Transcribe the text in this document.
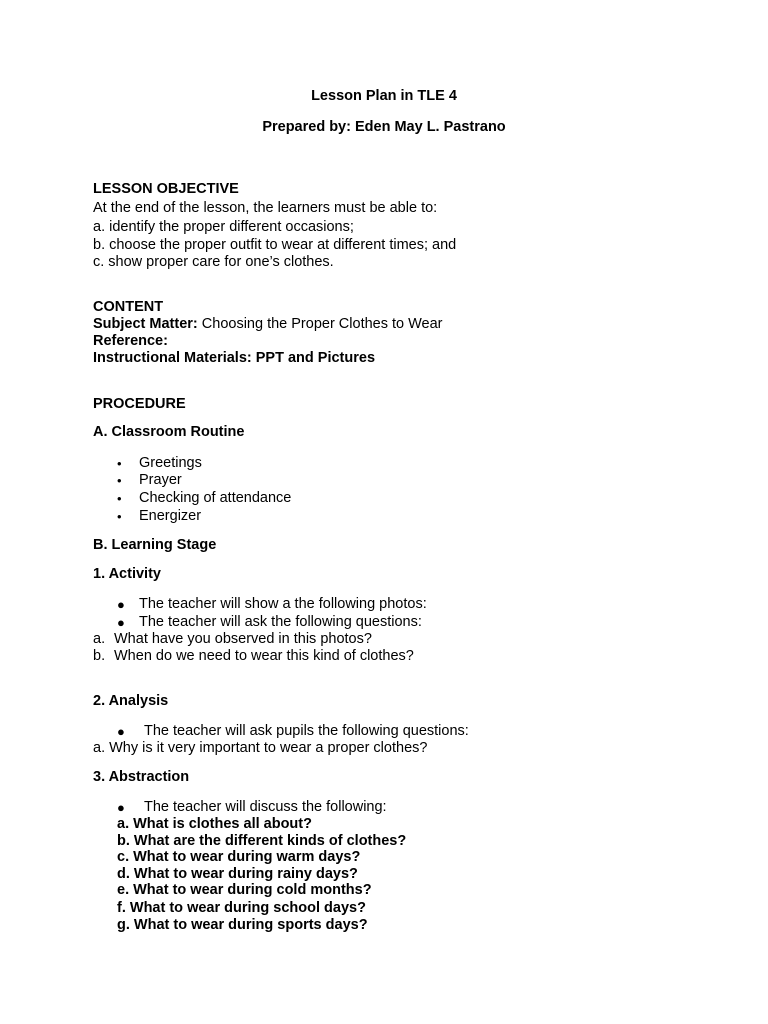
Lesson Plan in TLE 4
Prepared by: Eden May L. Pastrano
LESSON OBJECTIVE
At the end of the lesson, the learners must be able to:
a. identify the proper different occasions;
b. choose the proper outfit to wear at different times; and
c. show proper care for one’s clothes.
CONTENT
Subject Matter: Choosing the Proper Clothes to Wear
Reference:
Instructional Materials: PPT and Pictures
PROCEDURE
A. Classroom Routine
• Greetings
• Prayer
• Checking of attendance
• Energizer
B. Learning Stage
1. Activity
● The teacher will show a the following photos:
● The teacher will ask the following questions:
a. What have you observed in this photos?
b. When do we need to wear this kind of clothes?
2. Analysis
● The teacher will ask pupils the following questions:
a. Why is it very important to wear a proper clothes?
3. Abstraction
● The teacher will discuss the following:
a. What is clothes all about?
b. What are the different kinds of clothes?
c. What to wear during warm days?
d. What to wear during rainy days?
e. What to wear during cold months?
f. What to wear during school days?
g. What to wear during sports days?
